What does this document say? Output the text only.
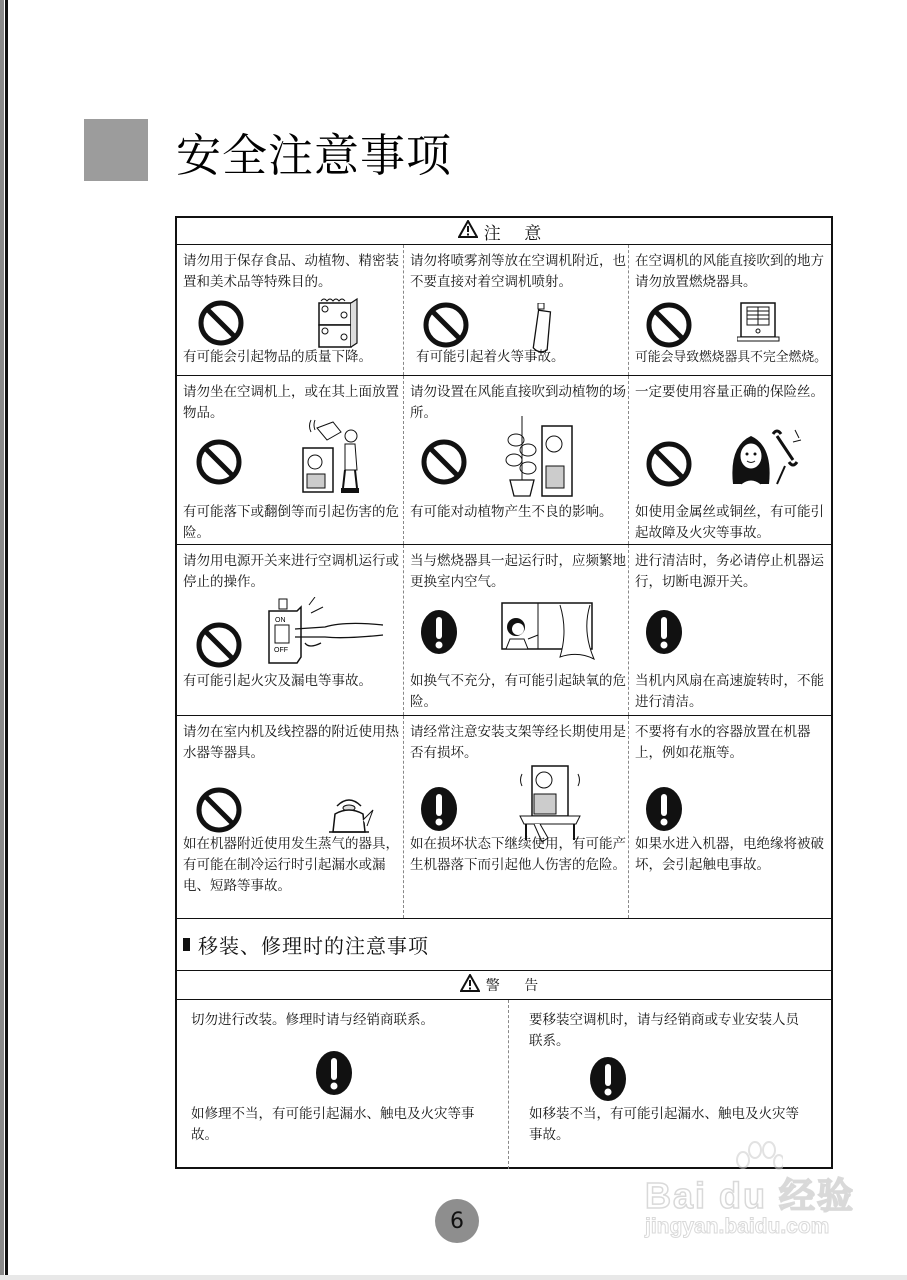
安全注意事项
注 意
请勿用于保存食品、动植物、精密装置和美术品等特殊目的。
有可能会引起物品的质量下降。
请勿将喷雾剂等放在空调机附近，也不要直接对着空调机喷射。
有可能引起着火等事故。
在空调机的风能直接吹到的地方请勿放置燃烧器具。
可能会导致燃烧器具不完全燃烧。
请勿坐在空调机上，或在其上面放置物品。
有可能落下或翻倒等而引起伤害的危险。
请勿设置在风能直接吹到动植物的场所。
有可能对动植物产生不良的影响。
一定要使用容量正确的保险丝。
如使用金属丝或铜丝，有可能引起故障及火灾等事故。
请勿用电源开关来进行空调机运行或停止的操作。
ON
OFF
有可能引起火灾及漏电等事故。
当与燃烧器具一起运行时，应频繁地更换室内空气。
如换气不充分，有可能引起缺氧的危险。
进行清洁时，务必请停止机器运行，切断电源开关。
当机内风扇在高速旋转时，不能进行清洁。
请勿在室内机及线控器的附近使用热水器等器具。
如在机器附近使用发生蒸气的器具，有可能在制冷运行时引起漏水或漏电、短路等事故。
请经常注意安装支架等经长期使用是否有损坏。
如在损坏状态下继续使用，有可能产生机器落下而引起他人伤害的危险。
不要将有水的容器放置在机器上，例如花瓶等。
如果水进入机器，电绝缘将被破坏，会引起触电事故。
移装、修理时的注意事项
警 告
切勿进行改装。修理时请与经销商联系。
如修理不当，有可能引起漏水、触电及火灾等事故。
要移装空调机时，请与经销商或专业安装人员联系。
如移装不当，有可能引起漏水、触电及火灾等事故。
6
Bai du 经验
jingyan.baidu.com
